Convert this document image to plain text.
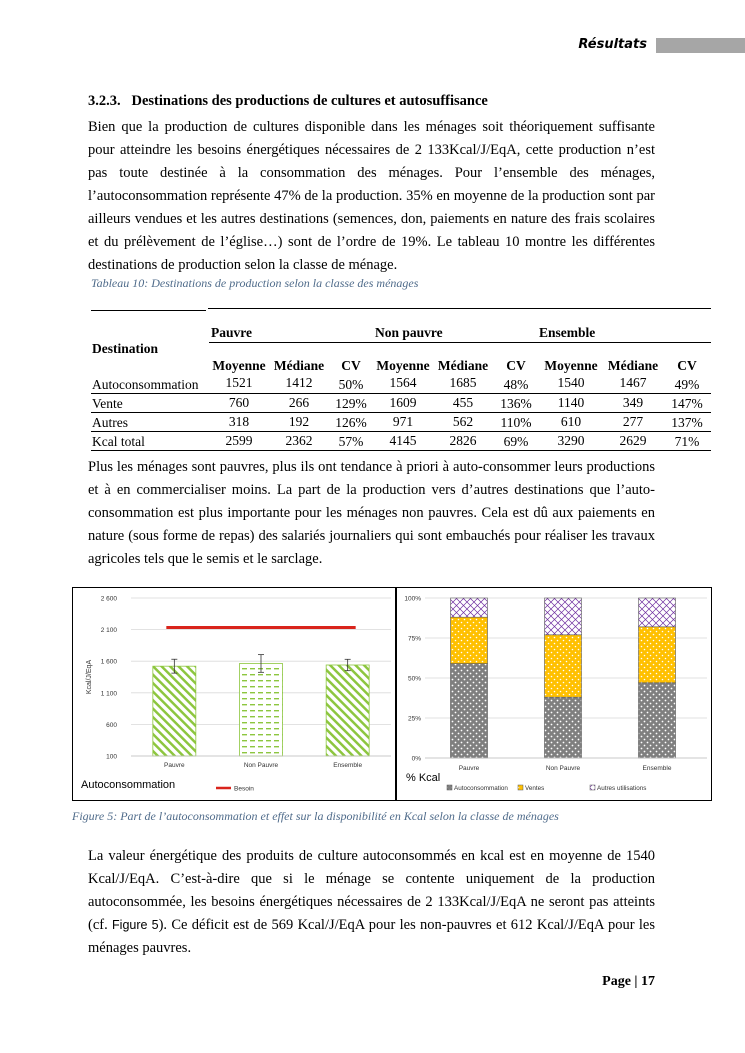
Résultats
3.2.3.   Destinations des productions de cultures et autosuffisance
Bien que la production de cultures disponible dans les ménages soit théoriquement suffisante pour atteindre les besoins énergétiques nécessaires de 2 133Kcal/J/EqA, cette production n’est pas toute destinée à la consommation des ménages. Pour l’ensemble des ménages, l’autoconsommation représente 47% de la production. 35% en moyenne de la production sont par ailleurs vendues et les autres destinations (semences, don, paiements en nature des frais scolaires et du prélèvement de l’église…) sont de l’ordre de 19%. Le tableau 10 montre les différentes destinations de production selon la classe de ménage.
Tableau 10: Destinations de production selon la classe des ménages
Destination	Pauvre			Non pauvre			Ensemble		
	Moyenne	Médiane	CV	Moyenne	Médiane	CV	Moyenne	Médiane	CV
Autoconsommation	1521	1412	50%	1564	1685	48%	1540	1467	49%
Vente	760	266	129%	1609	455	136%	1140	349	147%
Autres	318	192	126%	971	562	110%	610	277	137%
Kcal total	2599	2362	57%	4145	2826	69%	3290	2629	71%
Plus les ménages sont pauvres, plus ils ont tendance à priori à auto-consommer leurs productions et à en commercialiser moins. La part de la production vers d’autres destinations que l’auto-consommation est plus importante pour les ménages non pauvres. Cela est dû aux paiements en nature (sous forme de repas) des salariés journaliers qui sont embauchés pour réaliser les travaux agricoles tels que le semis et le sarclage.
100
600
1 100
1 600
2 100
2 600
Kcal/J/EqA
Pauvre	Non Pauvre	Ensemble
Autoconsommation	Besoin
0%
25%
50%
75%
100%
Pauvre	Non Pauvre	Ensemble
% Kcal
Autoconsommation	Ventes	Autres utilisations
Figure 5: Part de l’autoconsommation et effet sur la disponibilité en Kcal selon la classe de ménages
La valeur énergétique des produits de culture autoconsommés en kcal est en moyenne de 1540 Kcal/J/EqA. C’est-à-dire que si le ménage se contente uniquement de la production autoconsommée, les besoins énergétiques nécessaires de 2 133Kcal/J/EqA ne seront pas atteints (cf. Figure 5). Ce déficit est de 569 Kcal/J/EqA pour les non-pauvres et 612 Kcal/J/EqA pour les ménages pauvres.
Page | 17
